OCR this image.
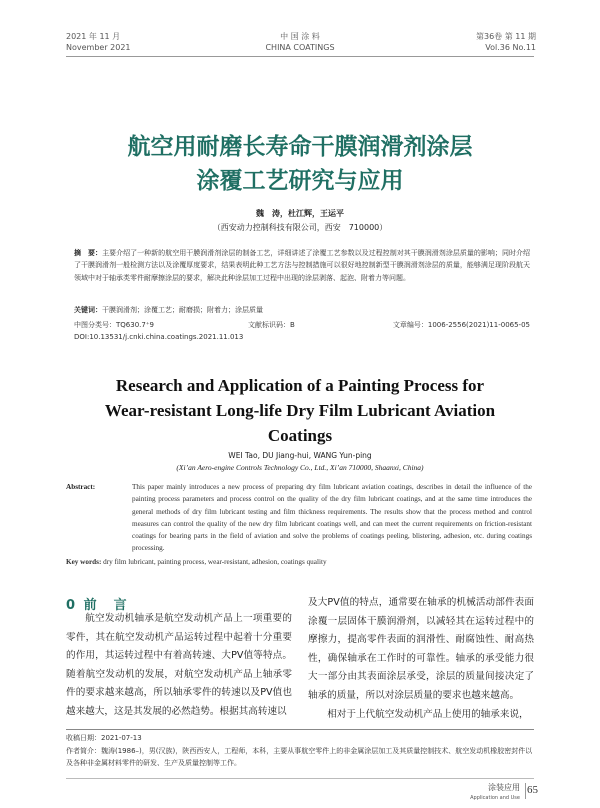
2021 年 11 月
November 2021
中 国 涂 料
CHINA COATINGS
第36卷 第 11 期
Vol.36 No.11
航空用耐磨长寿命干膜润滑剂涂层
涂覆工艺研究与应用
魏　涛，杜江辉，王运平
（西安动力控制科技有限公司，西安　710000）
摘　要：主要介绍了一种新的航空用干膜润滑剂涂层的制备工艺，详细讲述了涂覆工艺参数以及过程控制对其干膜润滑剂涂层质量的影响；同时介绍了干膜润滑剂一般检测方法以及涂覆厚度要求，结果表明此种工艺方法与控制措施可以很好地控制新型干膜润滑剂涂层的质量，能够满足现阶段航天领域中对于轴承类零件耐摩擦涂层的要求，解决此种涂层加工过程中出现的涂层剥落、起泡、附着力等问题。
关键词：干膜润滑剂；涂覆工艺；耐磨损；附着力；涂层质量
中图分类号：TQ630.7⁺9	文献标识码：B	文章编号：1006-2556(2021)11-0065-05
DOI:10.13531/j.cnki.china.coatings.2021.11.013
Research and Application of a Painting Process for
Wear-resistant Long-life Dry Film Lubricant Aviation
Coatings
WEI Tao, DU Jiang-hui, WANG Yun-ping
(Xi’an Aero-engine Controls Technology Co., Ltd., Xi’an 710000, Shaanxi, China)
Abstract:	This paper mainly introduces a new process of preparing dry film lubricant aviation coatings, describes in detail the influence of the painting process parameters and process control on the quality of the dry film lubricant coatings, and at the same time introduces the general methods of dry film lubricant testing and film thickness requirements. The results show that the process method and control measures can control the quality of the new dry film lubricant coatings well, and can meet the current requirements on friction-resistant coatings for bearing parts in the field of aviation and solve the problems of coatings peeling, blistering, adhesion, etc. during coatings processing.
Key words: dry film lubricant, painting process, wear-resistant, adhesion, coatings quality
0 前　言

航空发动机轴承是航空发动机产品上一项重要的零件，其在航空发动机产品运转过程中起着十分重要的作用，其运转过程中有着高转速、大PV值等特点。随着航空发动机的发展，对航空发动机产品上轴承零件的要求越来越高，所以轴承零件的转速以及PV值也越来越大，这是其发展的必然趋势。根据其高转速以

及大PV值的特点，通常要在轴承的机械活动部件表面涂覆一层固体干膜润滑剂，以减轻其在运转过程中的摩擦力，提高零件表面的润滑性、耐腐蚀性、耐高热性，确保轴承在工作时的可靠性。轴承的承受能力很大一部分由其表面涂层承受，涂层的质量间接决定了轴承的质量，所以对涂层质量的要求也越来越高。

相对于上代航空发动机产品上使用的轴承来说，

收稿日期：2021-07-13
作者简介：魏涛(1986–)，男(汉族)，陕西西安人，工程师，本科，主要从事航空零件上的非金属涂层加工及其质量控制技术、航空发动机橡胶密封件以及各种非金属材料零件的研发、生产及质量控制等工作。
涂装应用
Application and Use
65
